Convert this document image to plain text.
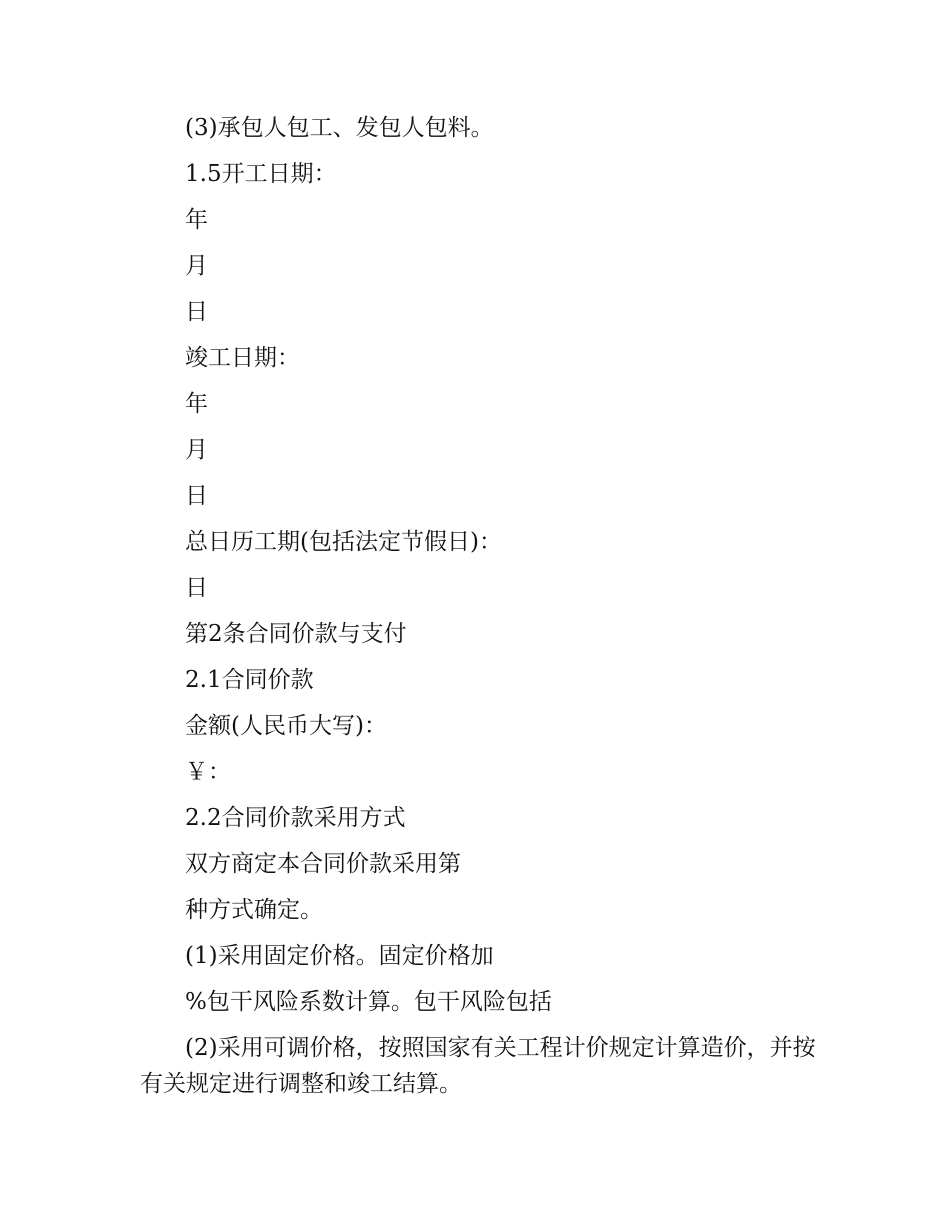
(3)承包人包工、发包人包料。
1.5开工日期：
年
月
日
竣工日期：
年
月
日
总日历工期(包括法定节假日)：
日
第2条合同价款与支付
2.1合同价款
金额(人民币大写)：
￥：
2.2合同价款采用方式
双方商定本合同价款采用第
种方式确定。
(1)采用固定价格。固定价格加
%包干风险系数计算。包干风险包括
(2)采用可调价格，按照国家有关工程计价规定计算造价，并按有关规定进行调整和竣工结算。
